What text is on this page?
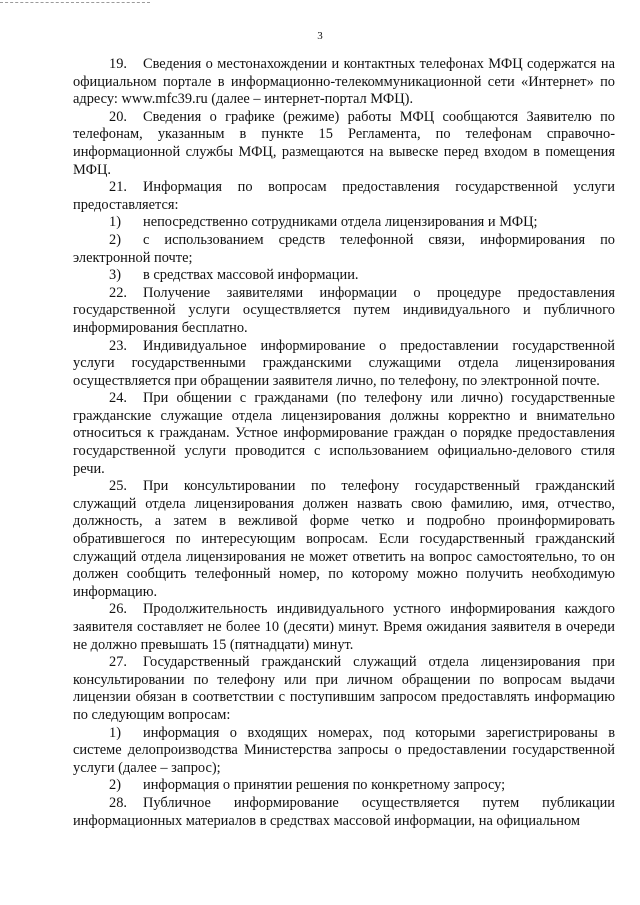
3

19. Сведения о местонахождении и контактных телефонах МФЦ содержатся на официальном портале в информационно-телекоммуникационной сети «Интернет» по адресу: www.mfc39.ru (далее – интернет-портал МФЦ).

20. Сведения о графике (режиме) работы МФЦ сообщаются Заявителю по телефонам, указанным в пункте 15 Регламента, по телефонам справочно-информационной службы МФЦ, размещаются на вывеске перед входом в помещения МФЦ.

21. Информация по вопросам предоставления государственной услуги предоставляется:

1) непосредственно сотрудниками отдела лицензирования и МФЦ;

2) с использованием средств телефонной связи, информирования по электронной почте;

3) в средствах массовой информации.

22. Получение заявителями информации о процедуре предоставления государственной услуги осуществляется путем индивидуального и публичного информирования бесплатно.

23. Индивидуальное информирование о предоставлении государственной услуги государственными гражданскими служащими отдела лицензирования осуществляется при обращении заявителя лично, по телефону, по электронной почте.

24. При общении с гражданами (по телефону или лично) государственные гражданские служащие отдела лицензирования должны корректно и внимательно относиться к гражданам. Устное информирование граждан о порядке предоставления государственной услуги проводится с использованием официально-делового стиля речи.

25. При консультировании по телефону государственный гражданский служащий отдела лицензирования должен назвать свою фамилию, имя, отчество, должность, а затем в вежливой форме четко и подробно проинформировать обратившегося по интересующим вопросам. Если государственный гражданский служащий отдела лицензирования не может ответить на вопрос самостоятельно, то он должен сообщить телефонный номер, по которому можно получить необходимую информацию.

26. Продолжительность индивидуального устного информирования каждого заявителя составляет не более 10 (десяти) минут. Время ожидания заявителя в очереди не должно превышать 15 (пятнадцати) минут.

27. Государственный гражданский служащий отдела лицензирования при консультировании по телефону или при личном обращении по вопросам выдачи лицензии обязан в соответствии с поступившим запросом предоставлять информацию по следующим вопросам:

1) информация о входящих номерах, под которыми зарегистрированы в системе делопроизводства Министерства запросы о предоставлении государственной услуги (далее – запрос);

2) информация о принятии решения по конкретному запросу;

28. Публичное информирование осуществляется путем публикации информационных материалов в средствах массовой информации, на официальном
